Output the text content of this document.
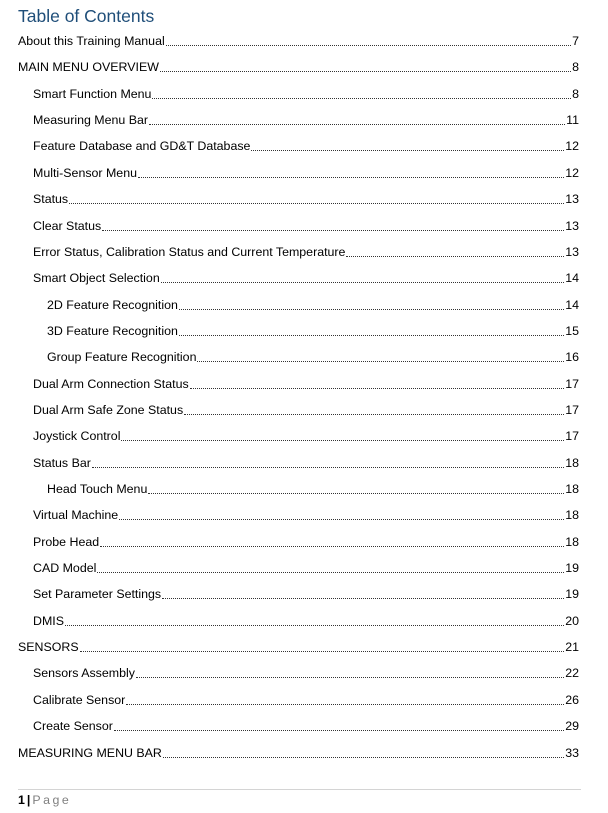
Table of Contents
About this Training Manual	7
MAIN MENU OVERVIEW	8
Smart Function Menu	8
Measuring Menu Bar	11
Feature Database and GD&T Database	12
Multi-Sensor Menu	12
Status	13
Clear Status	13
Error Status, Calibration Status and Current Temperature	13
Smart Object Selection	14
2D Feature Recognition	14
3D Feature Recognition	15
Group Feature Recognition	16
Dual Arm Connection Status	17
Dual Arm Safe Zone Status	17
Joystick Control	17
Status Bar	18
Head Touch Menu	18
Virtual Machine	18
Probe Head	18
CAD Model	19
Set Parameter Settings	19
DMIS	20
SENSORS	21
Sensors Assembly	22
Calibrate Sensor	26
Create Sensor	29
MEASURING MENU BAR	33
1 | Page
